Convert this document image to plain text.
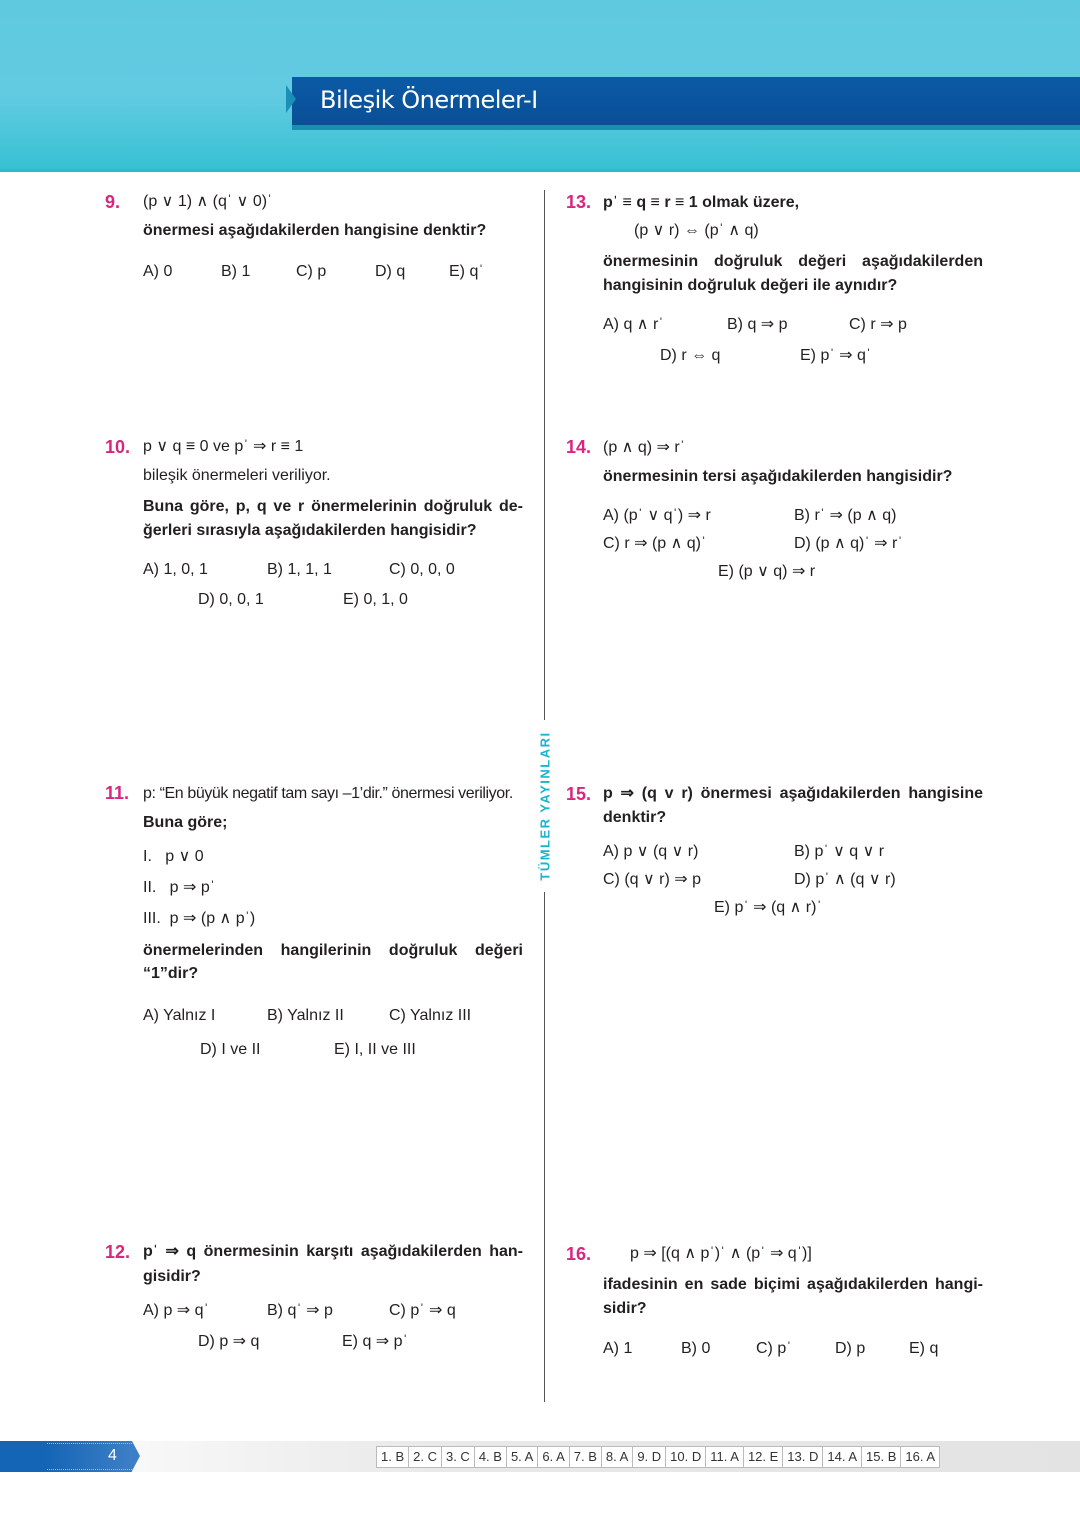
Bileşik Önermeler-I
TÜMLER YAYINLARI
9. (p ∨ 1) ∧ (qˈ ∨ 0)ˈ
önermesi aşağıdakilerden hangisine denktir?
A) 0	B) 1	C) p	D) q	E) qˈ
13. pˈ ≡ q ≡ r ≡ 1 olmak üzere,
(p ∨ r) ⇔ (pˈ ∧ q)
önermesinin doğruluk değeri aşağıdakilerden
hangisinin doğruluk değeri ile aynıdır?
A) q ∧ rˈ	B) q ⇒ p	C) r ⇒ p
D) r ⇔ q	E) pˈ ⇒ qˈ
10. p ∨ q ≡ 0 ve pˈ ⇒ r ≡ 1
bileşik önermeleri veriliyor.
Buna göre, p, q ve r önermelerinin doğruluk de-
ğerleri sırasıyla aşağıdakilerden hangisidir?
A) 1, 0, 1	B) 1, 1, 1	C) 0, 0, 0
D) 0, 0, 1	E) 0, 1, 0
14. (p ∧ q) ⇒ rˈ
önermesinin tersi aşağıdakilerden hangisidir?
A) (pˈ ∨ qˈ) ⇒ r	B) rˈ ⇒ (p ∧ q)
C) r ⇒ (p ∧ q)ˈ	D) (p ∧ q)ˈ ⇒ rˈ
E) (p ∨ q) ⇒ r
11. p: “En büyük negatif tam sayı –1’dir.” önermesi veriliyor.
Buna göre;
I.   p ∨ 0
II.   p ⇒ pˈ
III.  p ⇒ (p ∧ pˈ)
önermelerinden hangilerinin doğruluk değeri
“1”dir?
A) Yalnız I	B) Yalnız II	C) Yalnız III
D) I ve II	E) I, II ve III
15. p ⇒ (q v r) önermesi aşağıdakilerden hangisine
denktir?
A) p ∨ (q ∨ r)	B) pˈ ∨ q ∨ r
C) (q ∨ r) ⇒ p	D) pˈ ∧ (q ∨ r)
E) pˈ ⇒ (q ∧ r)ˈ
12. pˈ ⇒ q önermesinin karşıtı aşağıdakilerden han-
gisidir?
A) p ⇒ qˈ	B) qˈ ⇒ p	C) pˈ ⇒ q
D) p ⇒ q	E) q ⇒ pˈ
16. p ⇒ [(q ∧ pˈ)ˈ ∧ (pˈ ⇒ qˈ)]
ifadesinin en sade biçimi aşağıdakilerden hangi-
sidir?
A) 1	B) 0	C) pˈ	D) p	E) q
4	1. B 2. C 3. C 4. B 5. A 6. A 7. B 8. A 9. D 10. D 11. A 12. E 13. D 14. A 15. B 16. A
